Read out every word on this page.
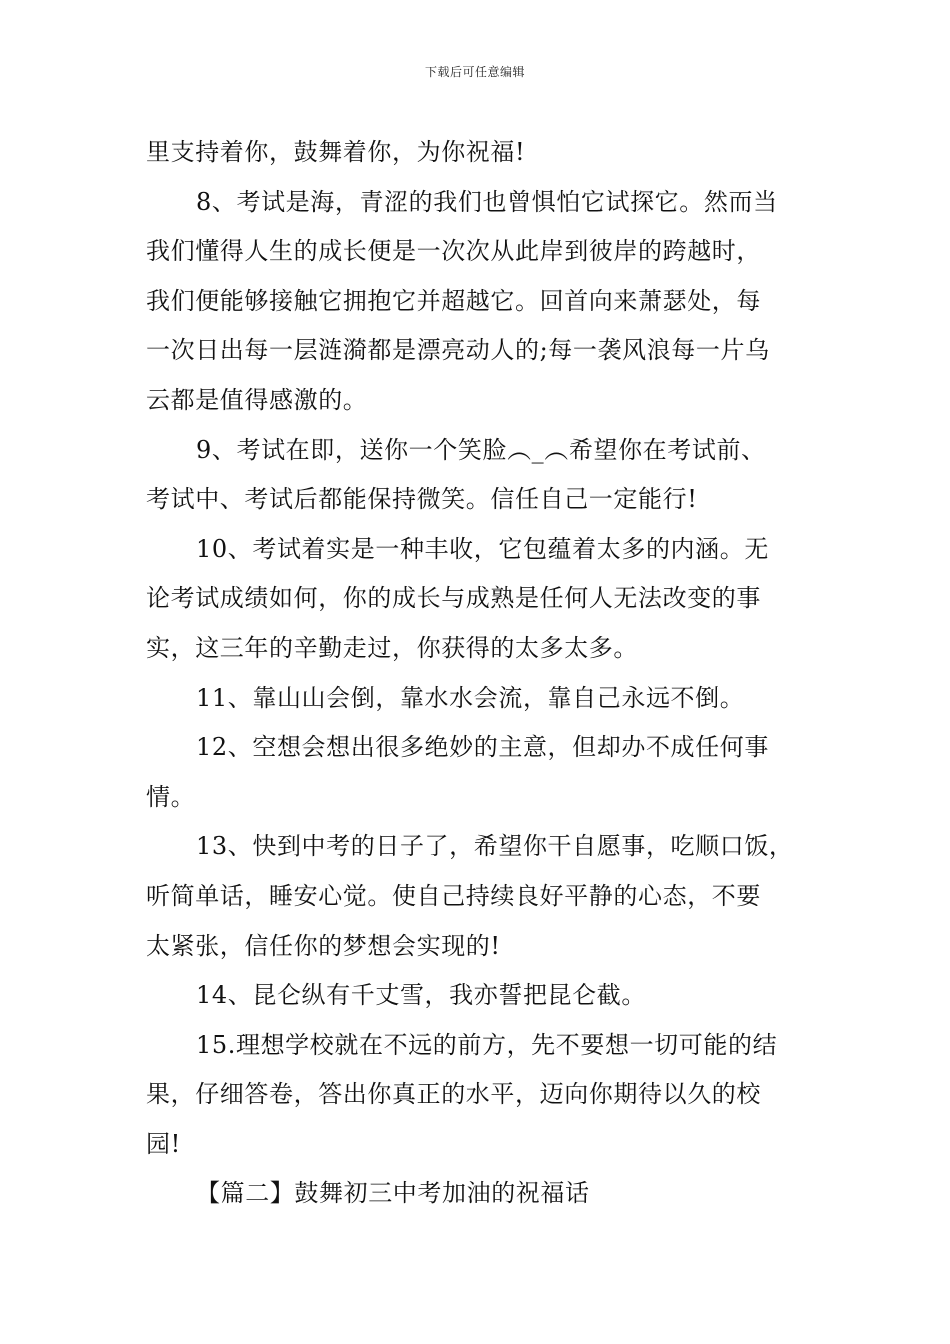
下载后可任意编辑
里支持着你，鼓舞着你，为你祝福!
8、考试是海，青涩的我们也曾惧怕它试探它。然而当
我们懂得人生的成长便是一次次从此岸到彼岸的跨越时，
我们便能够接触它拥抱它并超越它。回首向来萧瑟处，每
一次日出每一层涟漪都是漂亮动人的;每一袭风浪每一片乌
云都是值得感激的。
9、考试在即，送你一个笑脸︵_︵希望你在考试前、
考试中、考试后都能保持微笑。信任自己一定能行!
10、考试着实是一种丰收，它包蕴着太多的内涵。无
论考试成绩如何，你的成长与成熟是任何人无法改变的事
实，这三年的辛勤走过，你获得的太多太多。
11、靠山山会倒，靠水水会流，靠自己永远不倒。
12、空想会想出很多绝妙的主意，但却办不成任何事
情。
13、快到中考的日子了，希望你干自愿事，吃顺口饭，
听简单话，睡安心觉。使自己持续良好平静的心态，不要
太紧张，信任你的梦想会实现的!
14、昆仑纵有千丈雪，我亦誓把昆仑截。
15.理想学校就在不远的前方，先不要想一切可能的结
果，仔细答卷，答出你真正的水平，迈向你期待以久的校
园!
【篇二】鼓舞初三中考加油的祝福话
